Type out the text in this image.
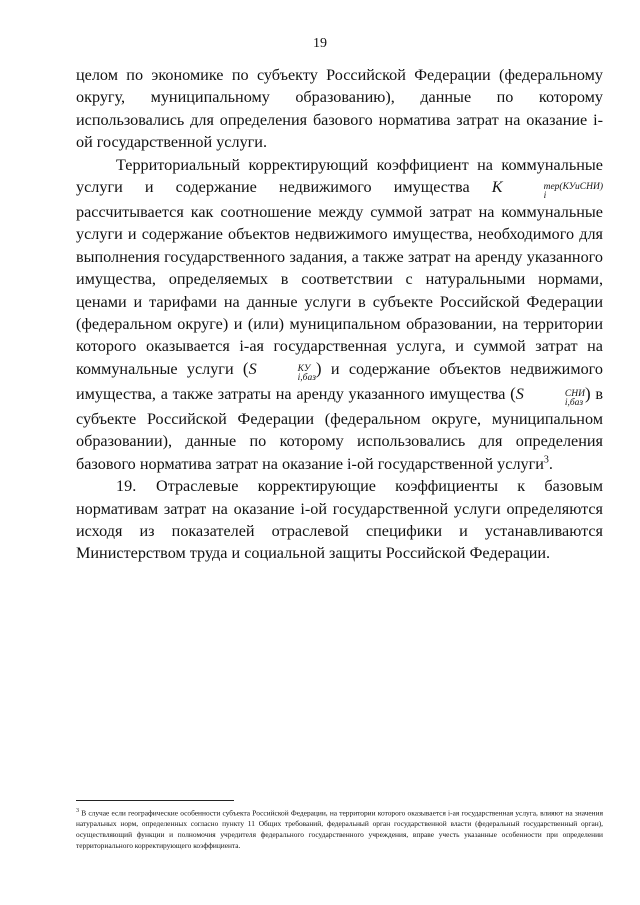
19

целом по экономике по субъекту Российской Федерации (федеральному округу, муниципальному образованию), данные по которому использовались для определения базового норматива затрат на оказание i-ой государственной услуги.

Территориальный корректирующий коэффициент на коммунальные услуги и содержание недвижимого имущества K	тер(КУиСНИ)
i
рассчитывается как соотношение между суммой затрат на коммунальные услуги и содержание объектов недвижимого имущества, необходимого для выполнения государственного задания, а также затрат на аренду указанного имущества, определяемых в соответствии с натуральными нормами, ценами и тарифами на данные услуги в субъекте Российской Федерации (федеральном округе) и (или) муниципальном образовании, на территории которого оказывается i-ая государственная услуга, и суммой затрат на коммунальные услуги (S	КУ
i,баз ) и содержание объектов недвижимого имущества, а также затраты на аренду указанного имущества (S	СНИ
i,баз ) в субъекте Российской Федерации (федеральном округе, муниципальном образовании), данные по которому использовались для определения базового норматива затрат на оказание i-ой государственной услуги$^3$.

19. Отраслевые корректирующие коэффициенты к базовым нормативам затрат на оказание i-ой государственной услуги определяются исходя из показателей отраслевой специфики и устанавливаются Министерством труда и социальной защиты Российской Федерации.

$^3$ В случае если географические особенности субъекта Российской Федерации, на территории которого оказывается i-ая государственная услуга, влияют на значения натуральных норм, определенных согласно пункту 11 Общих требований, федеральный орган государственной власти (федеральный государственный орган), осуществляющий функции и полномочия учредителя федерального государственного учреждения, вправе учесть указанные особенности при определении территориального корректирующего коэффициента.
